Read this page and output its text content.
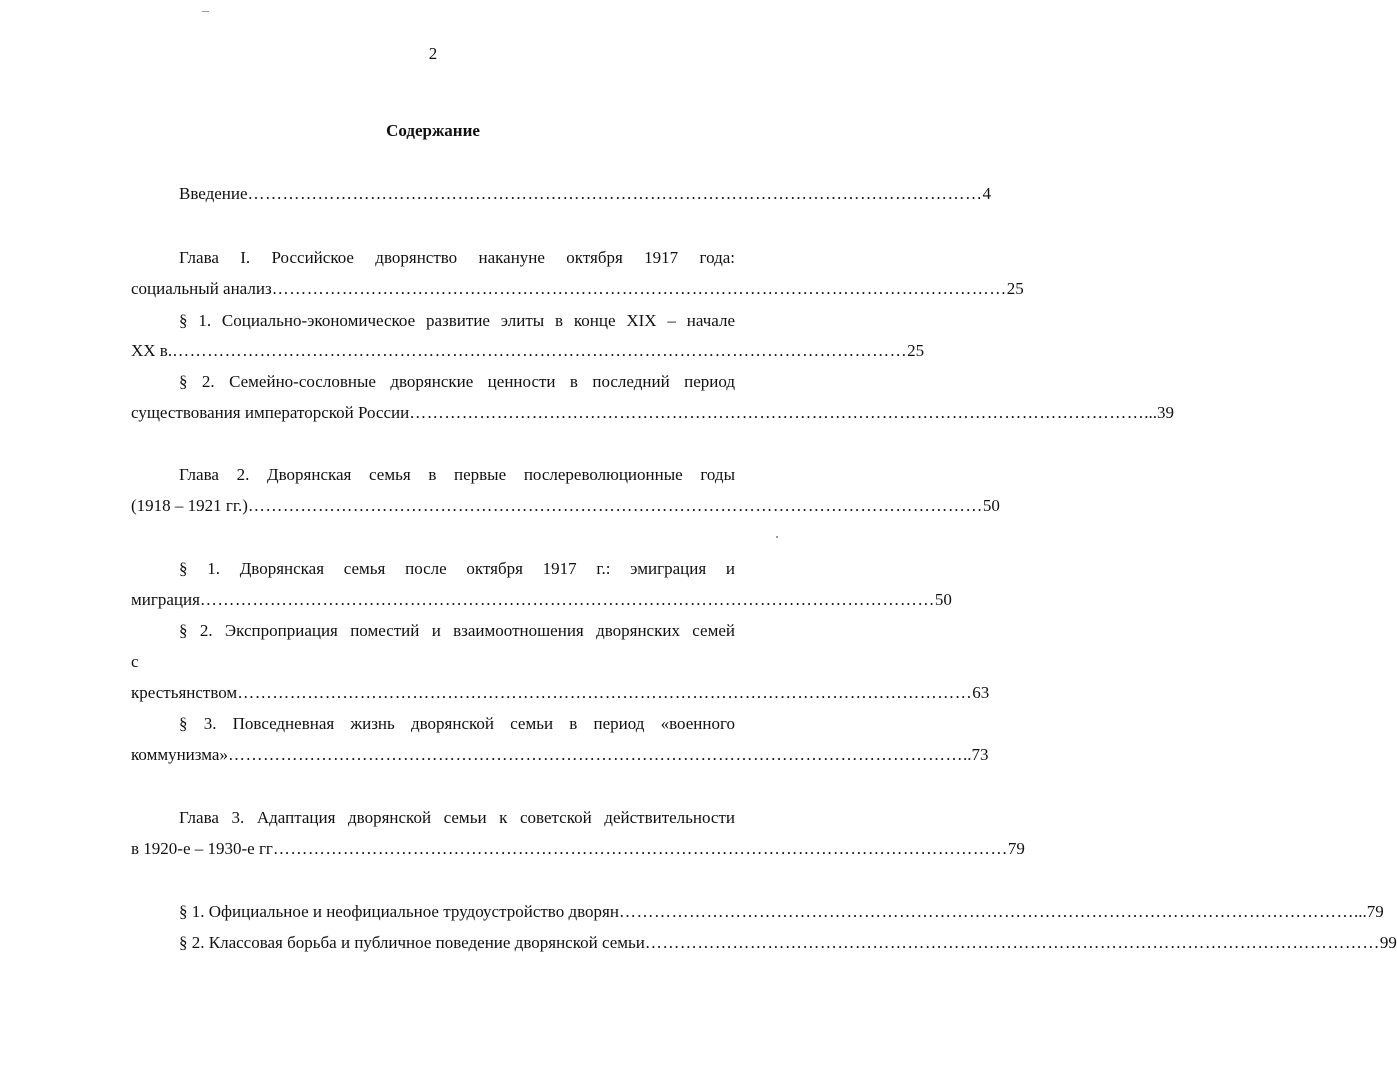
2
Содержание
Введение ……………………………………………………………………………………………………………… 4
Глава I. Российское дворянство накануне октября 1917 года:
социальный анализ ……………………………………………………………………………………………………………… 25
§ 1. Социально-экономическое развитие элиты в конце XIX – начале
XX в. ……………………………………………………………………………………………………………… 25
§ 2. Семейно-сословные дворянские ценности в последний период
существования императорской России ……………………………………………………………………………………………………………… ...39
Глава 2. Дворянская семья в первые послереволюционные годы
(1918 – 1921 гг.) ……………………………………………………………………………………………………………… 50
§ 1. Дворянская семья после октября 1917 г.: эмиграция и
миграция ……………………………………………………………………………………………………………… 50
§ 2. Экспроприация поместий и взаимоотношения дворянских семей
с
крестьянством ……………………………………………………………………………………………………………… 63
§ 3. Повседневная жизнь дворянской семьи в период «военного
коммунизма» ……………………………………………………………………………………………………………… ..73
Глава 3. Адаптация дворянской семьи к советской действительности
в 1920-е – 1930-е гг ……………………………………………………………………………………………………………… 79
§ 1. Официальное и неофициальное трудоустройство дворян ……………………………………………………………………………………………………………… ...79
§ 2. Классовая борьба и публичное поведение дворянской семьи ……………………………………………………………………………………………………………… 99
